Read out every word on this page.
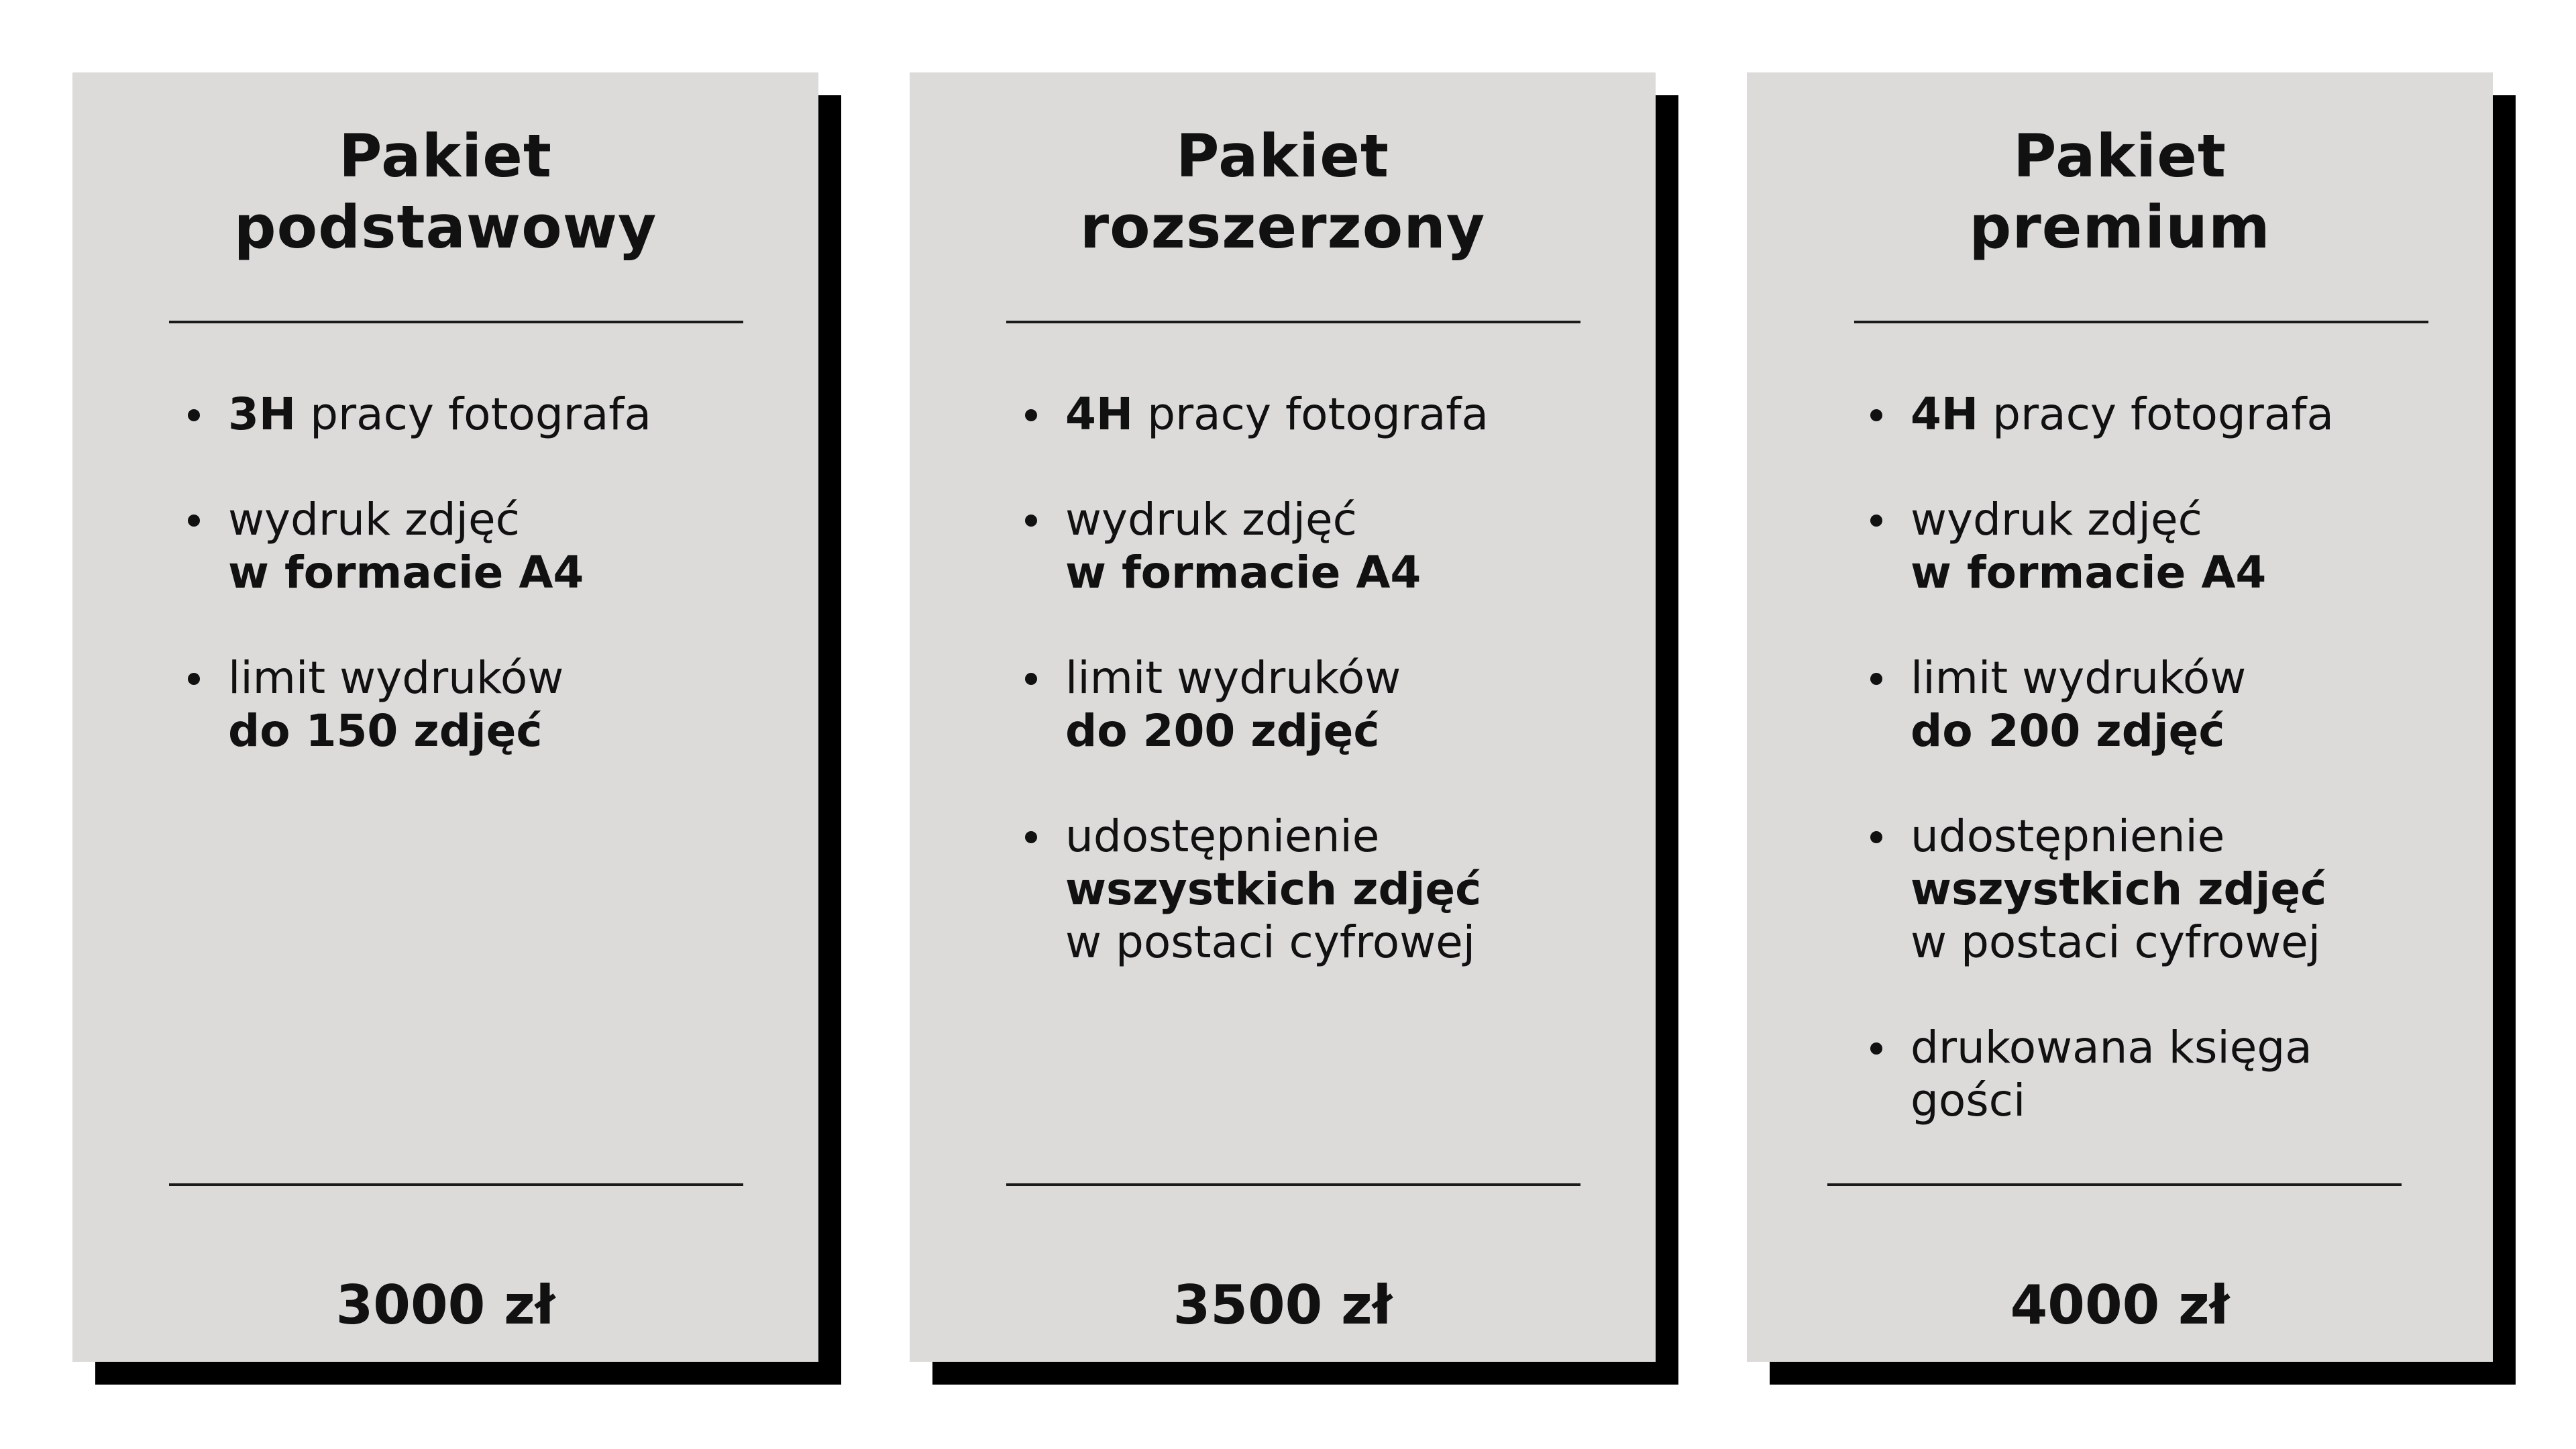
Pakiet
podstawowy
3H pracy fotografa
wydruk zdjęć
w formacie A4
limit wydruków
do 150 zdjęć
3000 zł
Pakiet
rozszerzony
4H pracy fotografa
wydruk zdjęć
w formacie A4
limit wydruków
do 200 zdjęć
udostępnienie
wszystkich zdjęć
w postaci cyfrowej
3500 zł
Pakiet
premium
4H pracy fotografa
wydruk zdjęć
w formacie A4
limit wydruków
do 200 zdjęć
udostępnienie
wszystkich zdjęć
w postaci cyfrowej
drukowana księga
gości
4000 zł
